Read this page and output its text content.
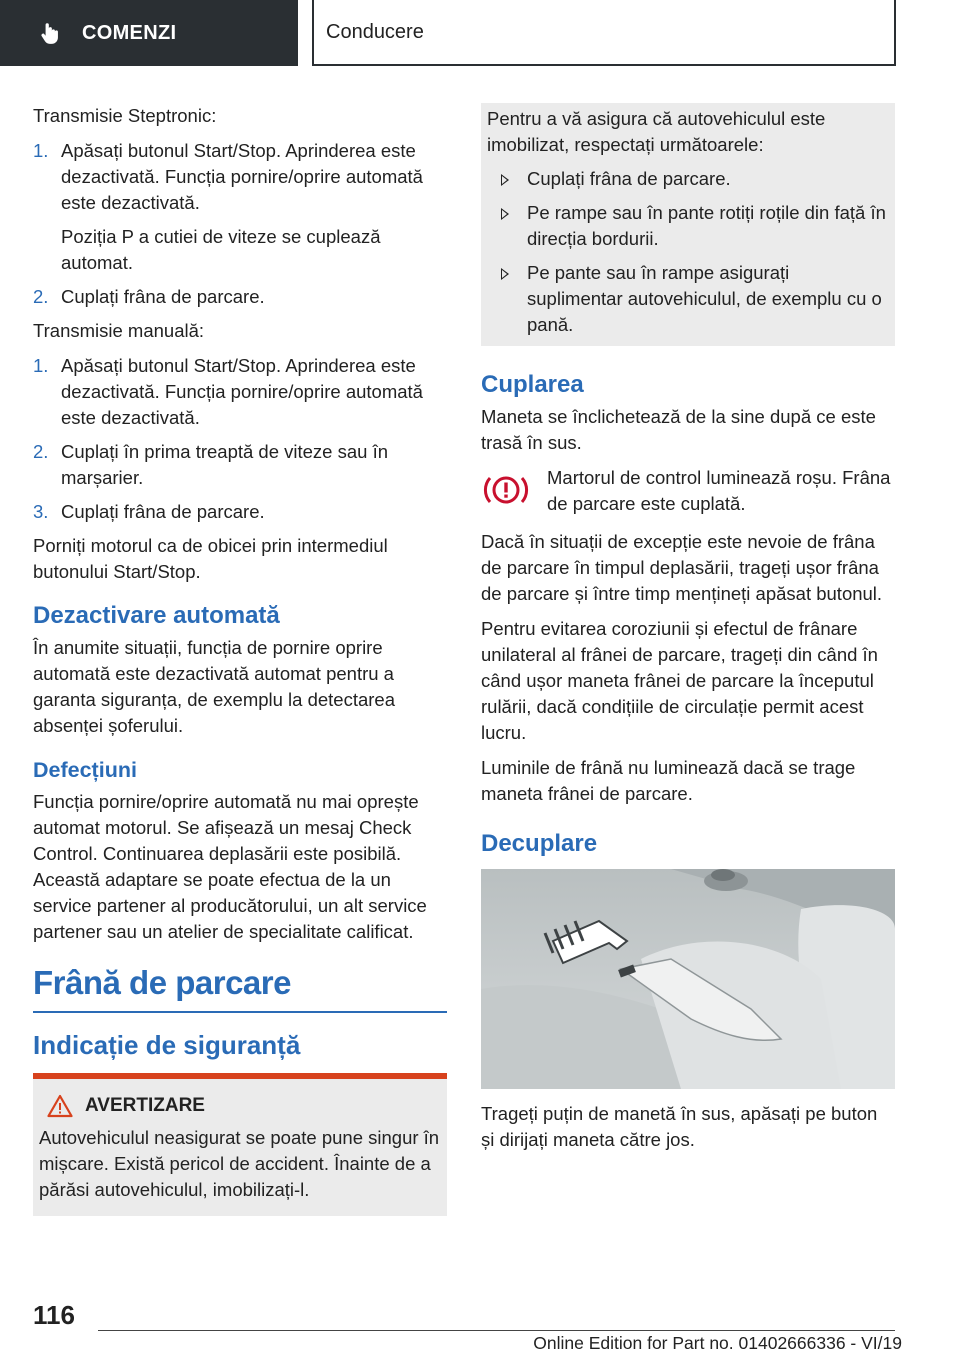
COMENZI	Conducere

Transmisie Steptronic:

1. Apăsați butonul Start/Stop. Aprinderea este dezactivată. Funcția pornire/oprire automată este dezactivată.
Poziția P a cutiei de viteze se cuplează automat.
2. Cuplați frâna de parcare.

Transmisie manuală:

1. Apăsați butonul Start/Stop. Aprinderea este dezactivată. Funcția pornire/oprire automată este dezactivată.
2. Cuplați în prima treaptă de viteze sau în marșarier.
3. Cuplați frâna de parcare.

Porniți motorul ca de obicei prin intermediul butonului Start/Stop.

Dezactivare automată

În anumite situații, funcția de pornire oprire automată este dezactivată automat pentru a garanta siguranța, de exemplu la detectarea absenței șoferului.

Defecțiuni

Funcția pornire/oprire automată nu mai oprește automat motorul. Se afișează un mesaj Check Control. Continuarea deplasării este posibilă. Această adaptare se poate efectua de la un service partener al producătorului, un alt service partener sau un atelier de specialitate calificat.

Frână de parcare
Indicație de siguranță
AVERTIZARE

Autovehiculul neasigurat se poate pune singur în mișcare. Există pericol de accident. Înainte de a părăsi autovehiculul, imobilizați-l.

Pentru a vă asigura că autovehiculul este imobilizat, respectați următoarele:

Cuplați frâna de parcare.
Pe rampe sau în pante rotiți roțile din față în direcția bordurii.
Pe pante sau în rampe asigurați suplimentar autovehiculul, de exemplu cu o pană.
Cuplarea

Maneta se înclichetează de la sine după ce este trasă în sus.

Martorul de control luminează roșu. Frâna de parcare este cuplată.

Dacă în situații de excepție este nevoie de frâna de parcare în timpul deplasării, trageți ușor frâna de parcare și între timp mențineți apăsat butonul.

Pentru evitarea coroziunii și efectul de frânare unilateral al frânei de parcare, trageți din când în când ușor maneta frânei de parcare la începutul rulării, dacă condițiile de circulație permit acest lucru.

Luminile de frână nu luminează dacă se trage maneta frânei de parcare.

Decuplare

Trageți puțin de manetă în sus, apăsați pe buton și dirijați maneta către jos.

116
Online Edition for Part no. 01402666336 - VI/19
